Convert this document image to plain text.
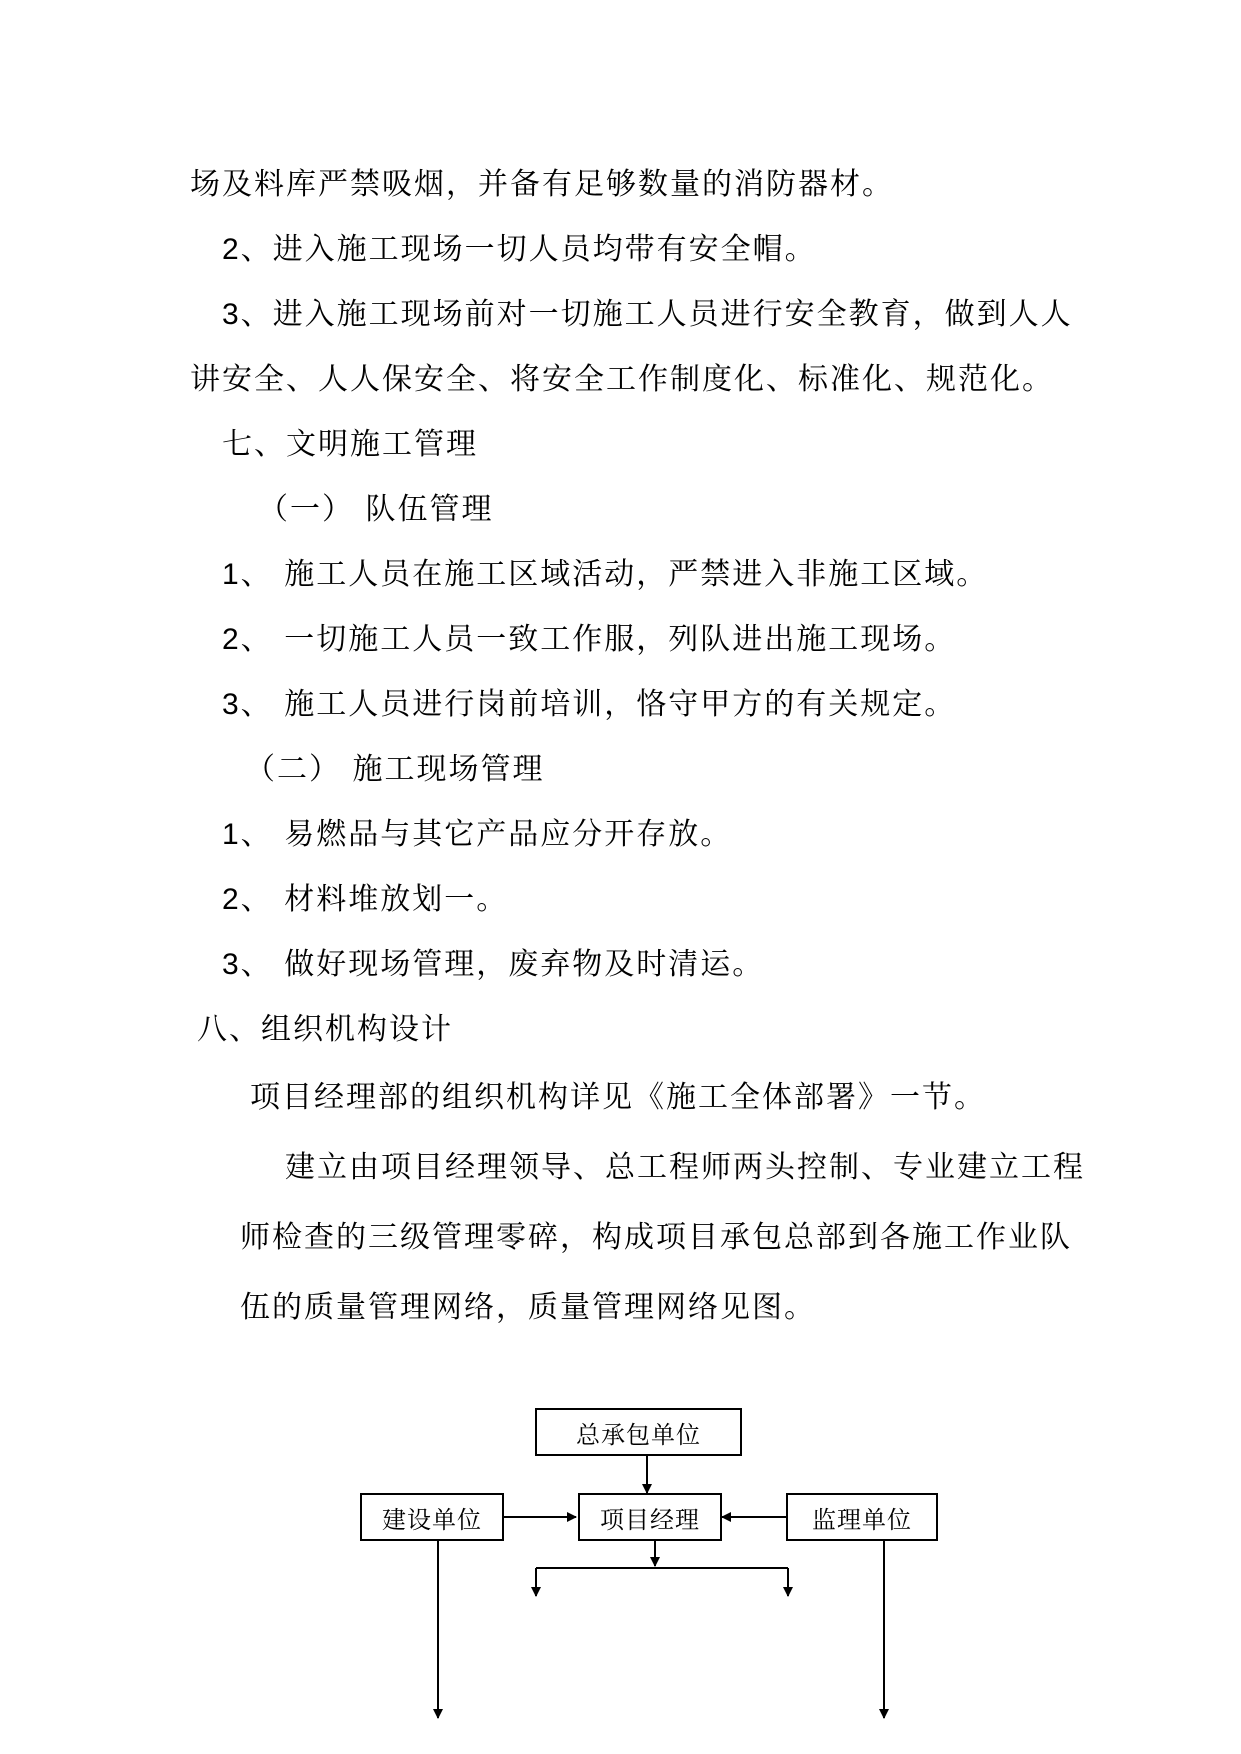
场及料库严禁吸烟，并备有足够数量的消防器材。
2、进入施工现场一切人员均带有安全帽。
3、进入施工现场前对一切施工人员进行安全教育，做到人人
讲安全、人人保安全、将安全工作制度化、标准化、规范化。
七、文明施工管理
（一） 队伍管理
1、 施工人员在施工区域活动，严禁进入非施工区域。
2、 一切施工人员一致工作服，列队进出施工现场。
3、 施工人员进行岗前培训，恪守甲方的有关规定。
（二） 施工现场管理
1、 易燃品与其它产品应分开存放。
2、 材料堆放划一。
3、 做好现场管理，废弃物及时清运。
八、组织机构设计
项目经理部的组织机构详见《施工全体部署》一节。
建立由项目经理领导、总工程师两头控制、专业建立工程
师检查的三级管理零碎，构成项目承包总部到各施工作业队
伍的质量管理网络，质量管理网络见图。
总承包单位
项目经理
建设单位	监理单位
